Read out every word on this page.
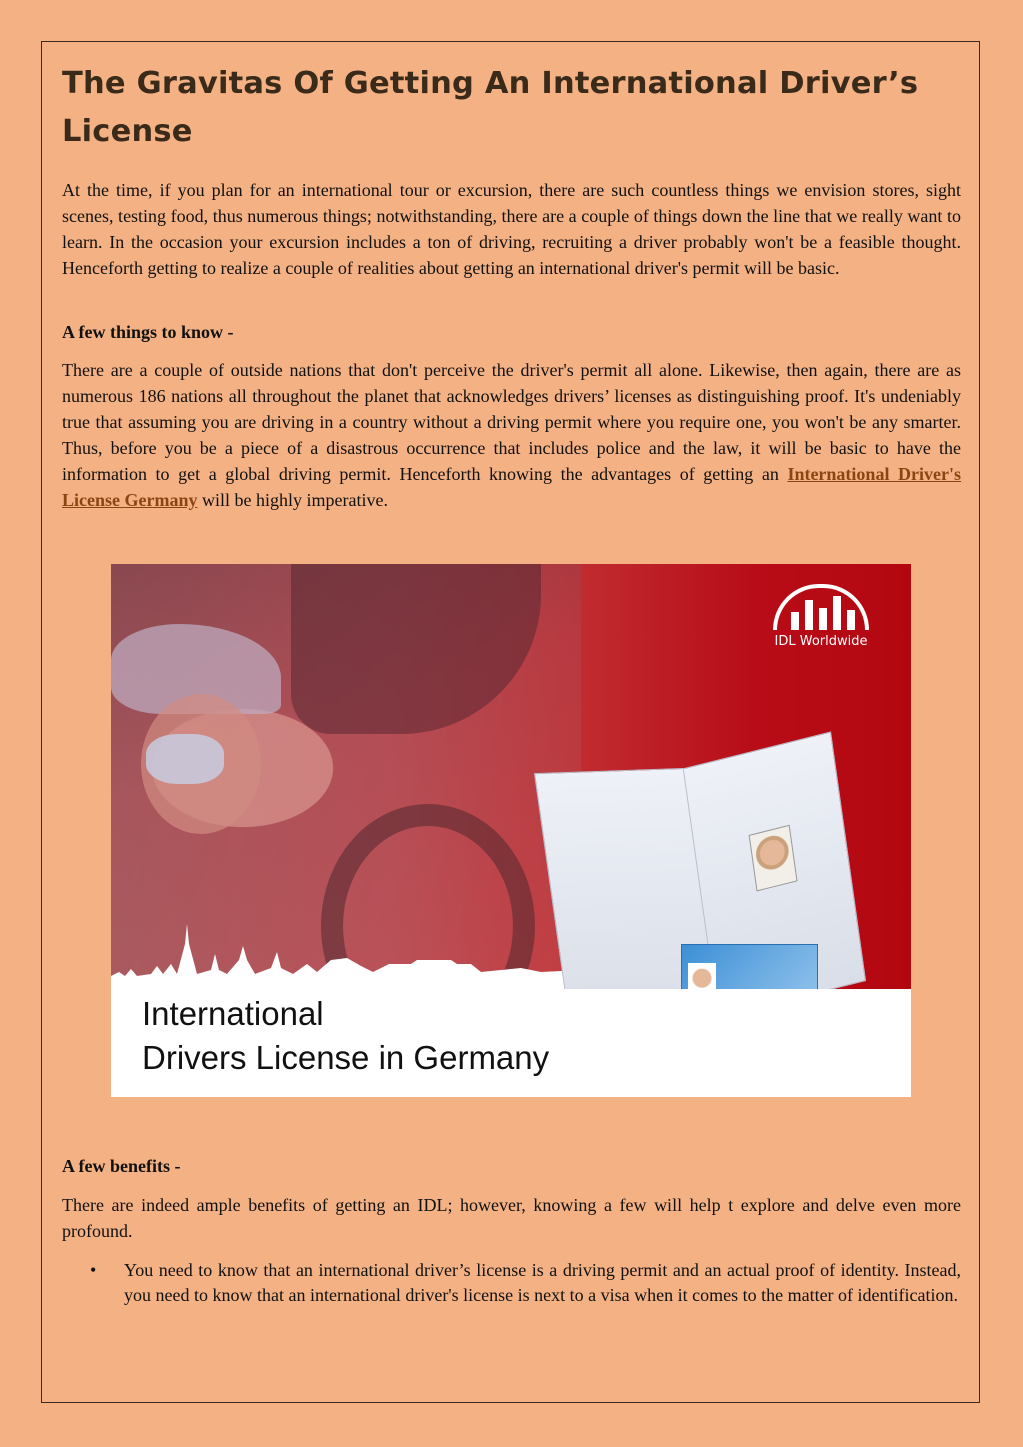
The Gravitas Of Getting An International Driver’s License

At the time, if you plan for an international tour or excursion, there are such countless things we envision stores, sight scenes, testing food, thus numerous things; notwithstanding, there are a couple of things down the line that we really want to learn. In the occasion your excursion includes a ton of driving, recruiting a driver probably won't be a feasible thought. Henceforth getting to realize a couple of realities about getting an international driver's permit will be basic.

A few things to know -

There are a couple of outside nations that don't perceive the driver's permit all alone. Likewise, then again, there are as numerous 186 nations all throughout the planet that acknowledges drivers’ licenses as distinguishing proof. It's undeniably true that assuming you are driving in a country without a driving permit where you require one, you won't be any smarter. Thus, before you be a piece of a disastrous occurrence that includes police and the law, it will be basic to have the information to get a global driving permit. Henceforth knowing the advantages of getting an International Driver's License Germany will be highly imperative.

IDL Worldwide
International
Drivers License in Germany
A few benefits -

There are indeed ample benefits of getting an IDL; however, knowing a few will help t explore and delve even more profound.

• You need to know that an international driver’s license is a driving permit and an actual proof of identity. Instead, you need to know that an international driver's license is next to a visa when it comes to the matter of identification.
